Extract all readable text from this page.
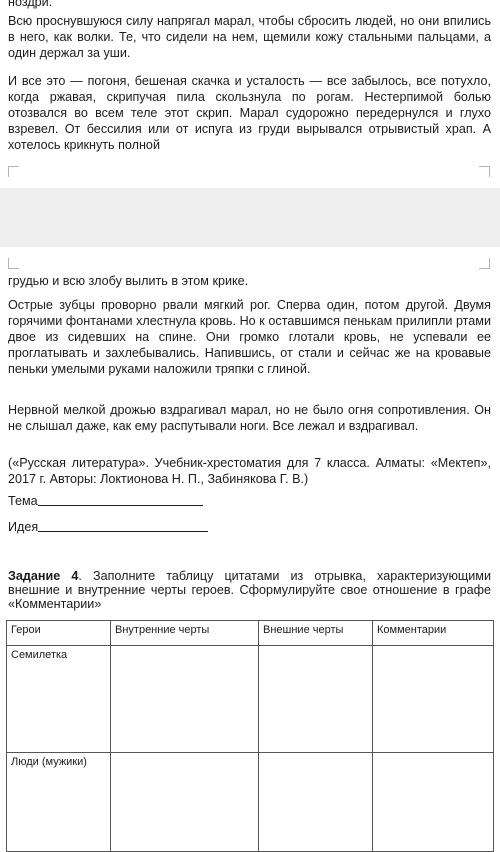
ноздри.

Всю проснувшуюся силу напрягал марал, чтобы сбросить людей, но они впились в него, как волки. Те, что сидели на нем, щемили кожу стальными пальцами, а один держал за уши.

И все это — погоня, бешеная скачка и усталость — все забылось, все потухло, когда ржавая, скрипучая пила скользнула по рогам. Нестерпимой болью отозвался во всем теле этот скрип. Марал судорожно передернулся и глухо взревел. От бессилия или от испуга из груди вырывался отрывистый храп. А хотелось крикнуть полной

грудью и всю злобу вылить в этом крике.

Острые зубцы проворно рвали мягкий рог. Сперва один, потом другой. Двумя горячими фонтанами хлестнула кровь. Но к оставшимся пенькам прилипли ртами двое из сидевших на спине. Они громко глотали кровь, не успевали ее проглатывать и захлебывались. Напившись, от стали и сейчас же на кровавые пеньки умелыми руками наложили тряпки с глиной.

Нервной мелкой дрожью вздрагивал марал, но не было огня сопротивления. Он не слышал даже, как ему распутывали ноги. Все лежал и вздрагивал.

(«Русская литература». Учебник-хрестоматия для 7 класса. Алматы: «Мектеп», 2017 г. Авторы: Локтионова Н. П., Забинякова Г. В.)

Тема
Идея
Задание 4. Заполните таблицу цитатами из отрывка, характеризующими внешние и внутренние черты героев. Сформулируйте свое отношение в графе «Комментарии»
Герои	Внутренние черты	Внешние черты	Комментарии
Семилетка			
Люди (мужики)			
